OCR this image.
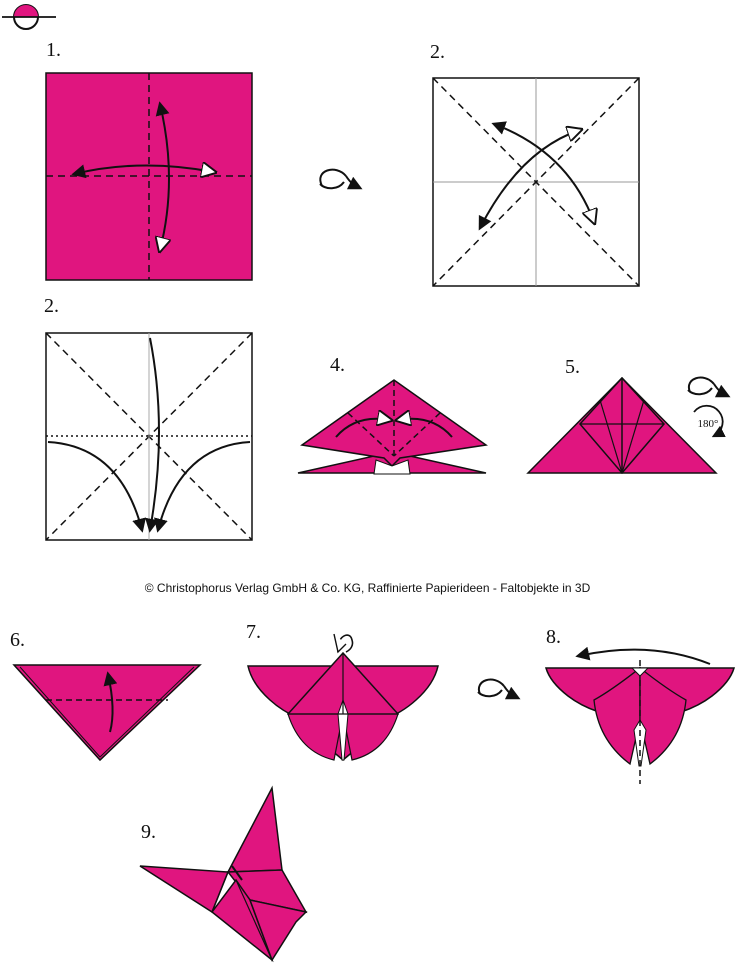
1.	2.
2.
4.	5.
6.	7.	8.
9.
© Christophorus Verlag GmbH & Co. KG, Raffinierte Papierideen - Faltobjekte in 3D
180°
